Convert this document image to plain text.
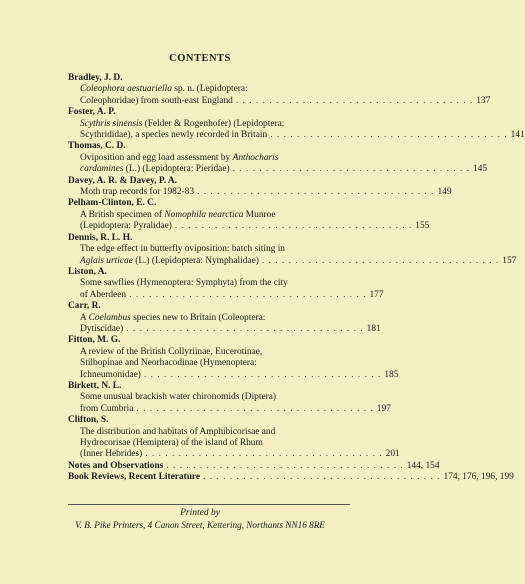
CONTENTS
Bradley, J. D.
Coleophora aestuariella sp. n. (Lepidoptera:
Coleophoridae) from south-east England . . . . . . . . . . . . . . . . . . . . . . . . . . . . . . . . . . . . 137
Foster, A. P.
Scythris sinensis (Felder & Rogenhofer) (Lepidoptera:
Scythrididae), a species newly recorded in Britain . . . . . . . . . . . . . . . . . . . . . . . . . . . . . . . . . . . . 141
Thomas, C. D.
Oviposition and egg load assessment by Anthocharis
cardamines (L.) (Lepidoptera: Pieridae) . . . . . . . . . . . . . . . . . . . . . . . . . . . . . . . . . . . . 145
Davey, A. R. & Davey, P. A.
Moth trap records for 1982-83 . . . . . . . . . . . . . . . . . . . . . . . . . . . . . . . . . . . . 149
Pelham-Clinton, E. C.
A British specimen of Nomophila nearctica Munroe
(Lepidoptera: Pyralidae) . . . . . . . . . . . . . . . . . . . . . . . . . . . . . . . . . . . . 155
Dennis, R. L. H.
The edge effect in butterfly oviposition: batch siting in
Aglais urticae (L.) (Lepidoptera: Nymphalidae) . . . . . . . . . . . . . . . . . . . . . . . . . . . . . . . . . . . . 157
Liston, A.
Some sawflies (Hymenoptera: Symphyta) from the city
of Aberdeen . . . . . . . . . . . . . . . . . . . . . . . . . . . . . . . . . . . . 177
Carr, R.
A Coelambus species new to Britain (Coleoptera:
Dytiscidae) . . . . . . . . . . . . . . . . . . . . . . . . . . . . . . . . . . . . 181
Fitton, M. G.
A review of the British Collyriinae, Eucerotinae,
Stilbopinae and Neorhacodinae (Hymenoptera:
Ichneumonidae) . . . . . . . . . . . . . . . . . . . . . . . . . . . . . . . . . . . . 185
Birkett, N. L.
Some unusual brackish water chironomids (Diptera)
from Cumbria . . . . . . . . . . . . . . . . . . . . . . . . . . . . . . . . . . . . 197
Clifton, S.
The distribution and habitats of Amphibicorisae and
Hydrocorisae (Hemiptera) of the island of Rhum
(Inner Hebrides) . . . . . . . . . . . . . . . . . . . . . . . . . . . . . . . . . . . . 201
Notes and Observations . . . . . . . . . . . . . . . . . . . . . . . . . . . . . . . . . . . . 144, 154
Book Reviews, Recent Literature . . . . . . . . . . . . . . . . . . . . . . . . . . . . . . . . . . . . 174, 176, 196, 199
Printed by
V. B. Pike Printers, 4 Canon Street, Kettering, Northants NN16 8RE
